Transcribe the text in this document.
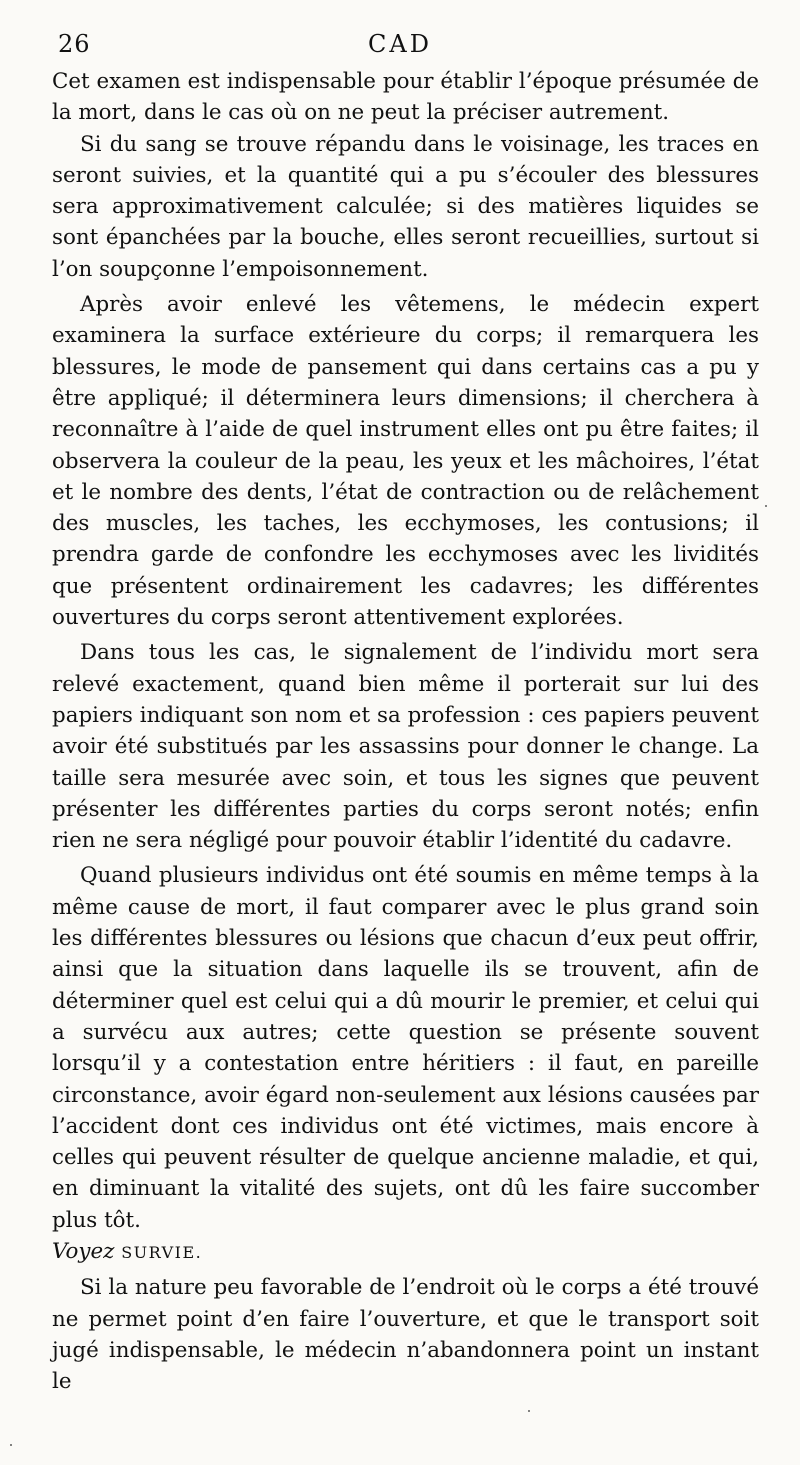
26	CAD

Cet examen est indispensable pour établir l’époque présumée de la mort, dans le cas où on ne peut la préciser autrement.

Si du sang se trouve répandu dans le voisinage, les traces en seront suivies, et la quantité qui a pu s’écouler des blessures sera approximativement calculée; si des matières liquides se sont épanchées par la bouche, elles seront recueillies, surtout si l’on soupçonne l’empoisonnement.

Après avoir enlevé les vêtemens, le médecin expert examinera la surface extérieure du corps; il remarquera les blessures, le mode de pansement qui dans certains cas a pu y être appliqué; il déterminera leurs dimensions; il cherchera à reconnaître à l’aide de quel instrument elles ont pu être faites; il observera la couleur de la peau, les yeux et les mâchoires, l’état et le nombre des dents, l’état de contraction ou de relâchement des muscles, les taches, les ecchymoses, les contusions; il prendra garde de confondre les ecchymoses avec les lividités que présentent ordinairement les cadavres; les différentes ouvertures du corps seront attentivement explorées.

Dans tous les cas, le signalement de l’individu mort sera relevé exactement, quand bien même il porterait sur lui des papiers indiquant son nom et sa profession : ces papiers peuvent avoir été substitués par les assassins pour donner le change. La taille sera mesurée avec soin, et tous les signes que peuvent présenter les différentes parties du corps seront notés; enfin rien ne sera négligé pour pouvoir établir l’identité du cadavre.

Quand plusieurs individus ont été soumis en même temps à la même cause de mort, il faut comparer avec le plus grand soin les différentes blessures ou lésions que chacun d’eux peut offrir, ainsi que la situation dans laquelle ils se trouvent, afin de déterminer quel est celui qui a dû mourir le premier, et celui qui a survécu aux autres; cette question se présente souvent lorsqu’il y a contestation entre héritiers : il faut, en pareille circonstance, avoir égard non-seulement aux lésions causées par l’accident dont ces individus ont été victimes, mais encore à celles qui peuvent résulter de quelque ancienne maladie, et qui, en diminuant la vitalité des sujets, ont dû les faire succomber plus tôt.
Voyez SURVIE.

Si la nature peu favorable de l’endroit où le corps a été trouvé ne permet point d’en faire l’ouverture, et que le transport soit jugé indispensable, le médecin n’abandonnera point un instant le
